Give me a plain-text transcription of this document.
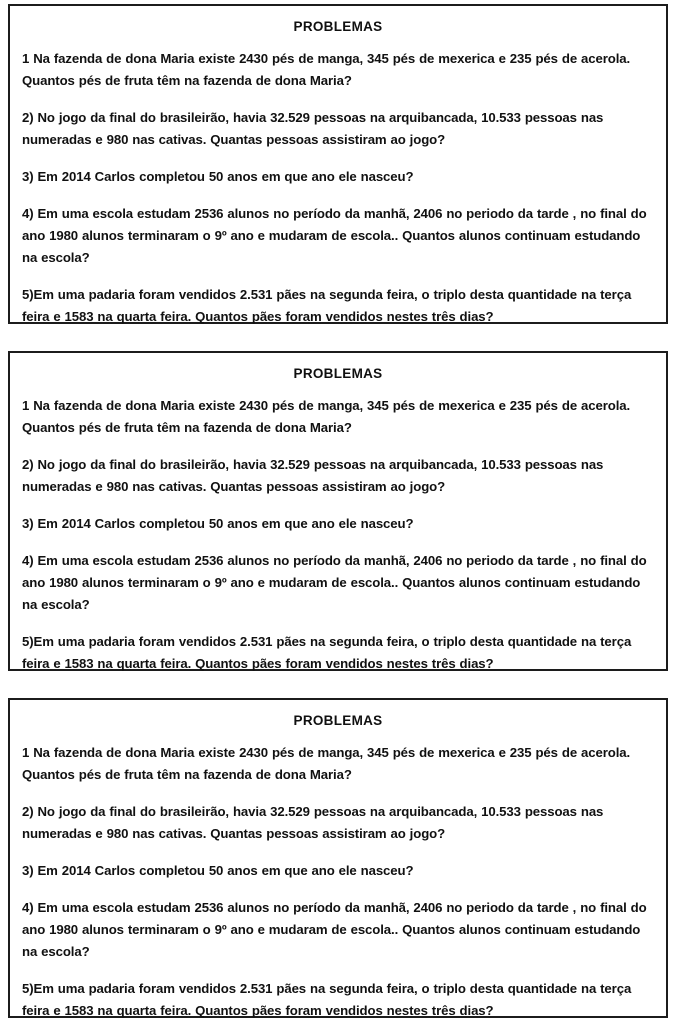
PROBLEMAS
1 Na fazenda de dona Maria existe 2430 pés de manga, 345 pés de mexerica e 235 pés de acerola. Quantos pés de fruta têm na fazenda de dona Maria?
2) No jogo da final do brasileirão, havia 32.529 pessoas na arquibancada, 10.533 pessoas nas numeradas e 980 nas cativas. Quantas pessoas assistiram ao jogo?
3) Em 2014 Carlos completou 50 anos em que ano ele nasceu?
4) Em uma escola estudam 2536 alunos no período da manhã, 2406 no periodo da tarde , no final do ano 1980 alunos terminaram o 9º ano e mudaram de escola.. Quantos alunos continuam estudando na escola?
5)Em uma padaria foram vendidos 2.531 pães na segunda feira, o triplo desta quantidade na terça feira e 1583 na quarta feira. Quantos pães foram vendidos nestes três dias?
PROBLEMAS
1 Na fazenda de dona Maria existe 2430 pés de manga, 345 pés de mexerica e 235 pés de acerola. Quantos pés de fruta têm na fazenda de dona Maria?
2) No jogo da final do brasileirão, havia 32.529 pessoas na arquibancada, 10.533 pessoas nas numeradas e 980 nas cativas. Quantas pessoas assistiram ao jogo?
3) Em 2014 Carlos completou 50 anos em que ano ele nasceu?
4) Em uma escola estudam 2536 alunos no período da manhã, 2406 no periodo da tarde , no final do ano 1980 alunos terminaram o 9º ano e mudaram de escola.. Quantos alunos continuam estudando na escola?
5)Em uma padaria foram vendidos 2.531 pães na segunda feira, o triplo desta quantidade na terça feira e 1583 na quarta feira. Quantos pães foram vendidos nestes três dias?
PROBLEMAS
1 Na fazenda de dona Maria existe 2430 pés de manga, 345 pés de mexerica e 235 pés de acerola. Quantos pés de fruta têm na fazenda de dona Maria?
2) No jogo da final do brasileirão, havia 32.529 pessoas na arquibancada, 10.533 pessoas nas numeradas e 980 nas cativas. Quantas pessoas assistiram ao jogo?
3) Em 2014 Carlos completou 50 anos em que ano ele nasceu?
4) Em uma escola estudam 2536 alunos no período da manhã, 2406 no periodo da tarde , no final do ano 1980 alunos terminaram o 9º ano e mudaram de escola.. Quantos alunos continuam estudando na escola?
5)Em uma padaria foram vendidos 2.531 pães na segunda feira, o triplo desta quantidade na terça feira e 1583 na quarta feira. Quantos pães foram vendidos nestes três dias?
